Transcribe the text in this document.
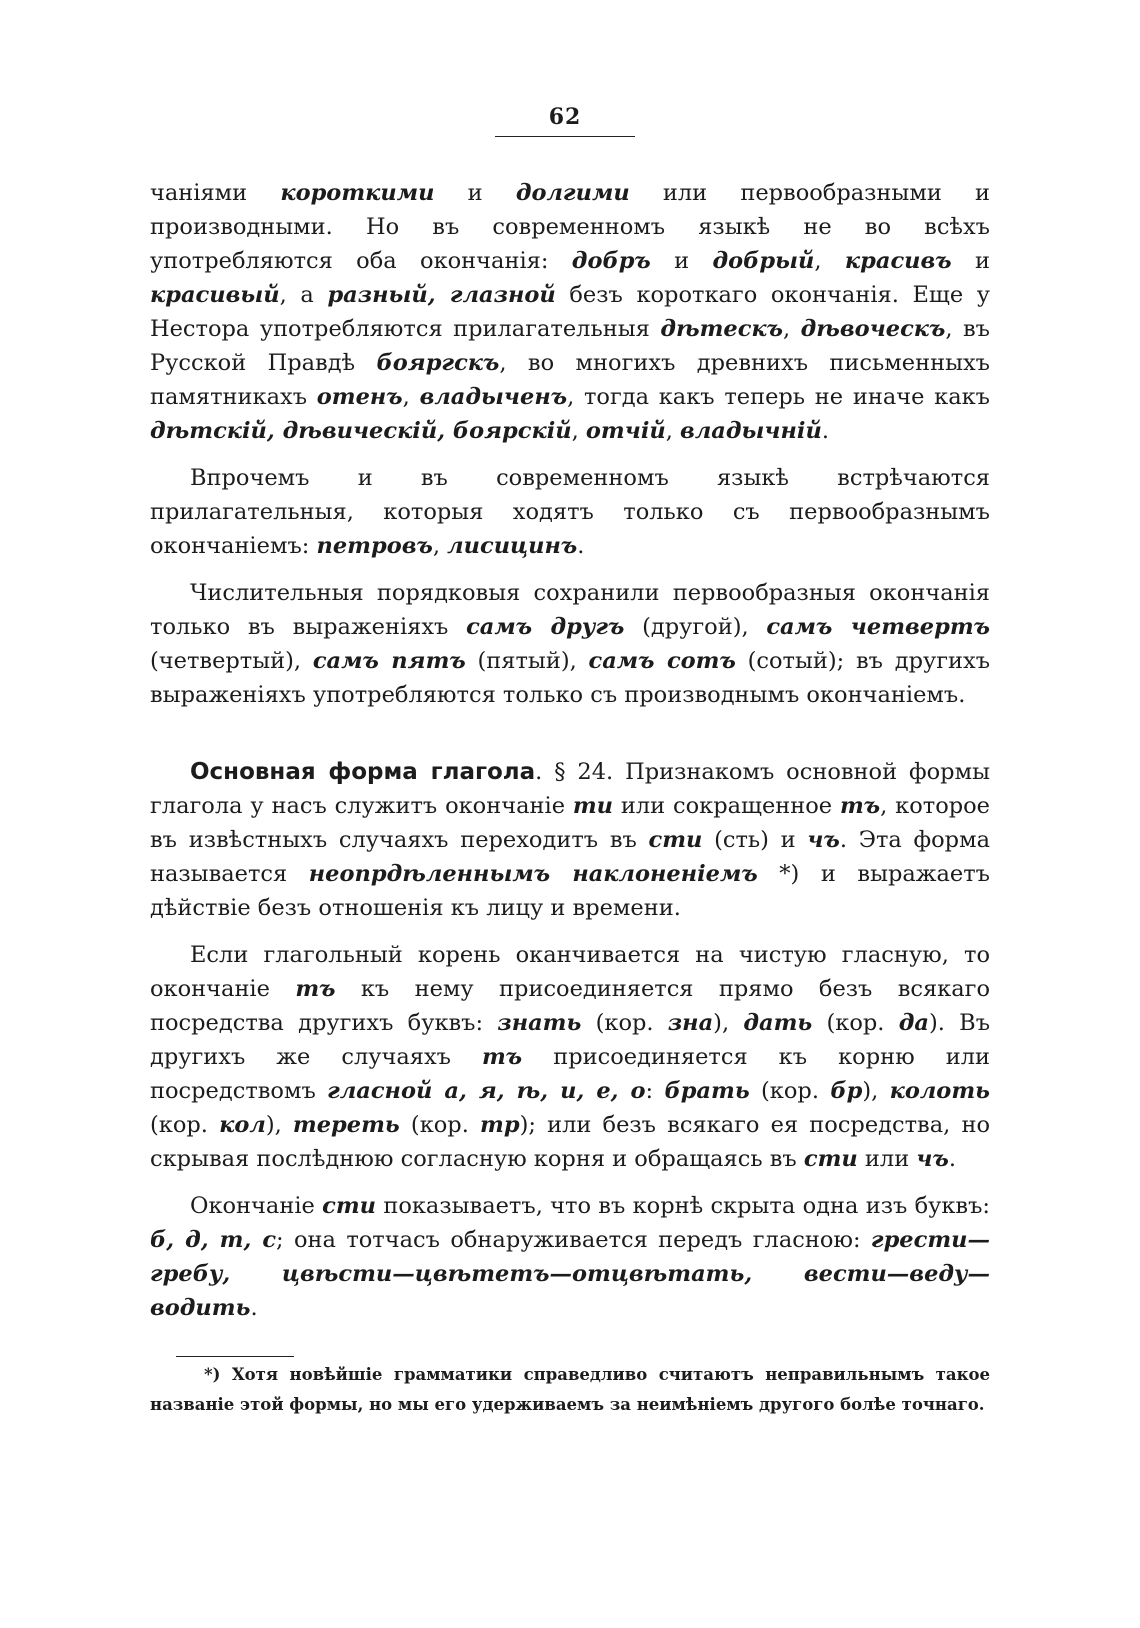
62

чаніями короткими и долгими или первообразными и производными. Но въ современномъ языкѣ не во всѣхъ употребляются оба окончанія: добръ и добрый, красивъ и красивый, а разный, глазной безъ короткаго окончанія. Еще у Нестора употребляются прилагательныя дѣтескъ, дѣвоческъ, въ Русской Правдѣ бояргскъ, во многихъ древнихъ письменныхъ памятникахъ отенъ, владыченъ, тогда какъ теперь не иначе какъ дѣтскій, дѣвическій, боярскій, отчій, владычній.

Впрочемъ и въ современномъ языкѣ встрѣчаются прилагательныя, которыя ходятъ только съ первообразнымъ окончаніемъ: петровъ, лисицинъ.

Числительныя порядковыя сохранили первообразныя окончанія только въ выраженіяхъ самъ другъ (другой), самъ четвертъ (четвертый), самъ пятъ (пятый), самъ сотъ (сотый); въ другихъ выраженіяхъ употребляются только съ производнымъ окончаніемъ.

Основная форма глагола. § 24. Признакомъ основной формы глагола у насъ служитъ окончаніе ти или сокращенное тъ, которое въ извѣстныхъ случаяхъ переходитъ въ сти (сть) и чъ. Эта форма называется неопрдѣленнымъ наклоненіемъ *) и выражаетъ дѣйствіе безъ отношенія къ лицу и времени.

Если глагольный корень оканчивается на чистую гласную, то окончаніе тъ къ нему присоединяется прямо безъ всякаго посредства другихъ буквъ: знать (кор. зна), дать (кор. да). Въ другихъ же случаяхъ тъ присоединяется къ корню или посредствомъ гласной а, я, ѣ, и, е, о: брать (кор. бр), колоть (кор. кол), тереть (кор. тр); или безъ всякаго ея посредства, но скрывая послѣднюю согласную корня и обращаясь въ сти или чъ.

Окончаніе сти показываетъ, что въ корнѣ скрыта одна изъ буквъ: б, д, т, с; она тотчасъ обнаруживается передъ гласною: грести—гребу, цвѣсти—цвѣтетъ—отцвѣтать, вести—веду—водить.

*) Хотя новѣйшіе грамматики справедливо считаютъ неправильнымъ такое названіе этой формы, но мы его удерживаемъ за неимѣніемъ другого болѣе точнаго.
